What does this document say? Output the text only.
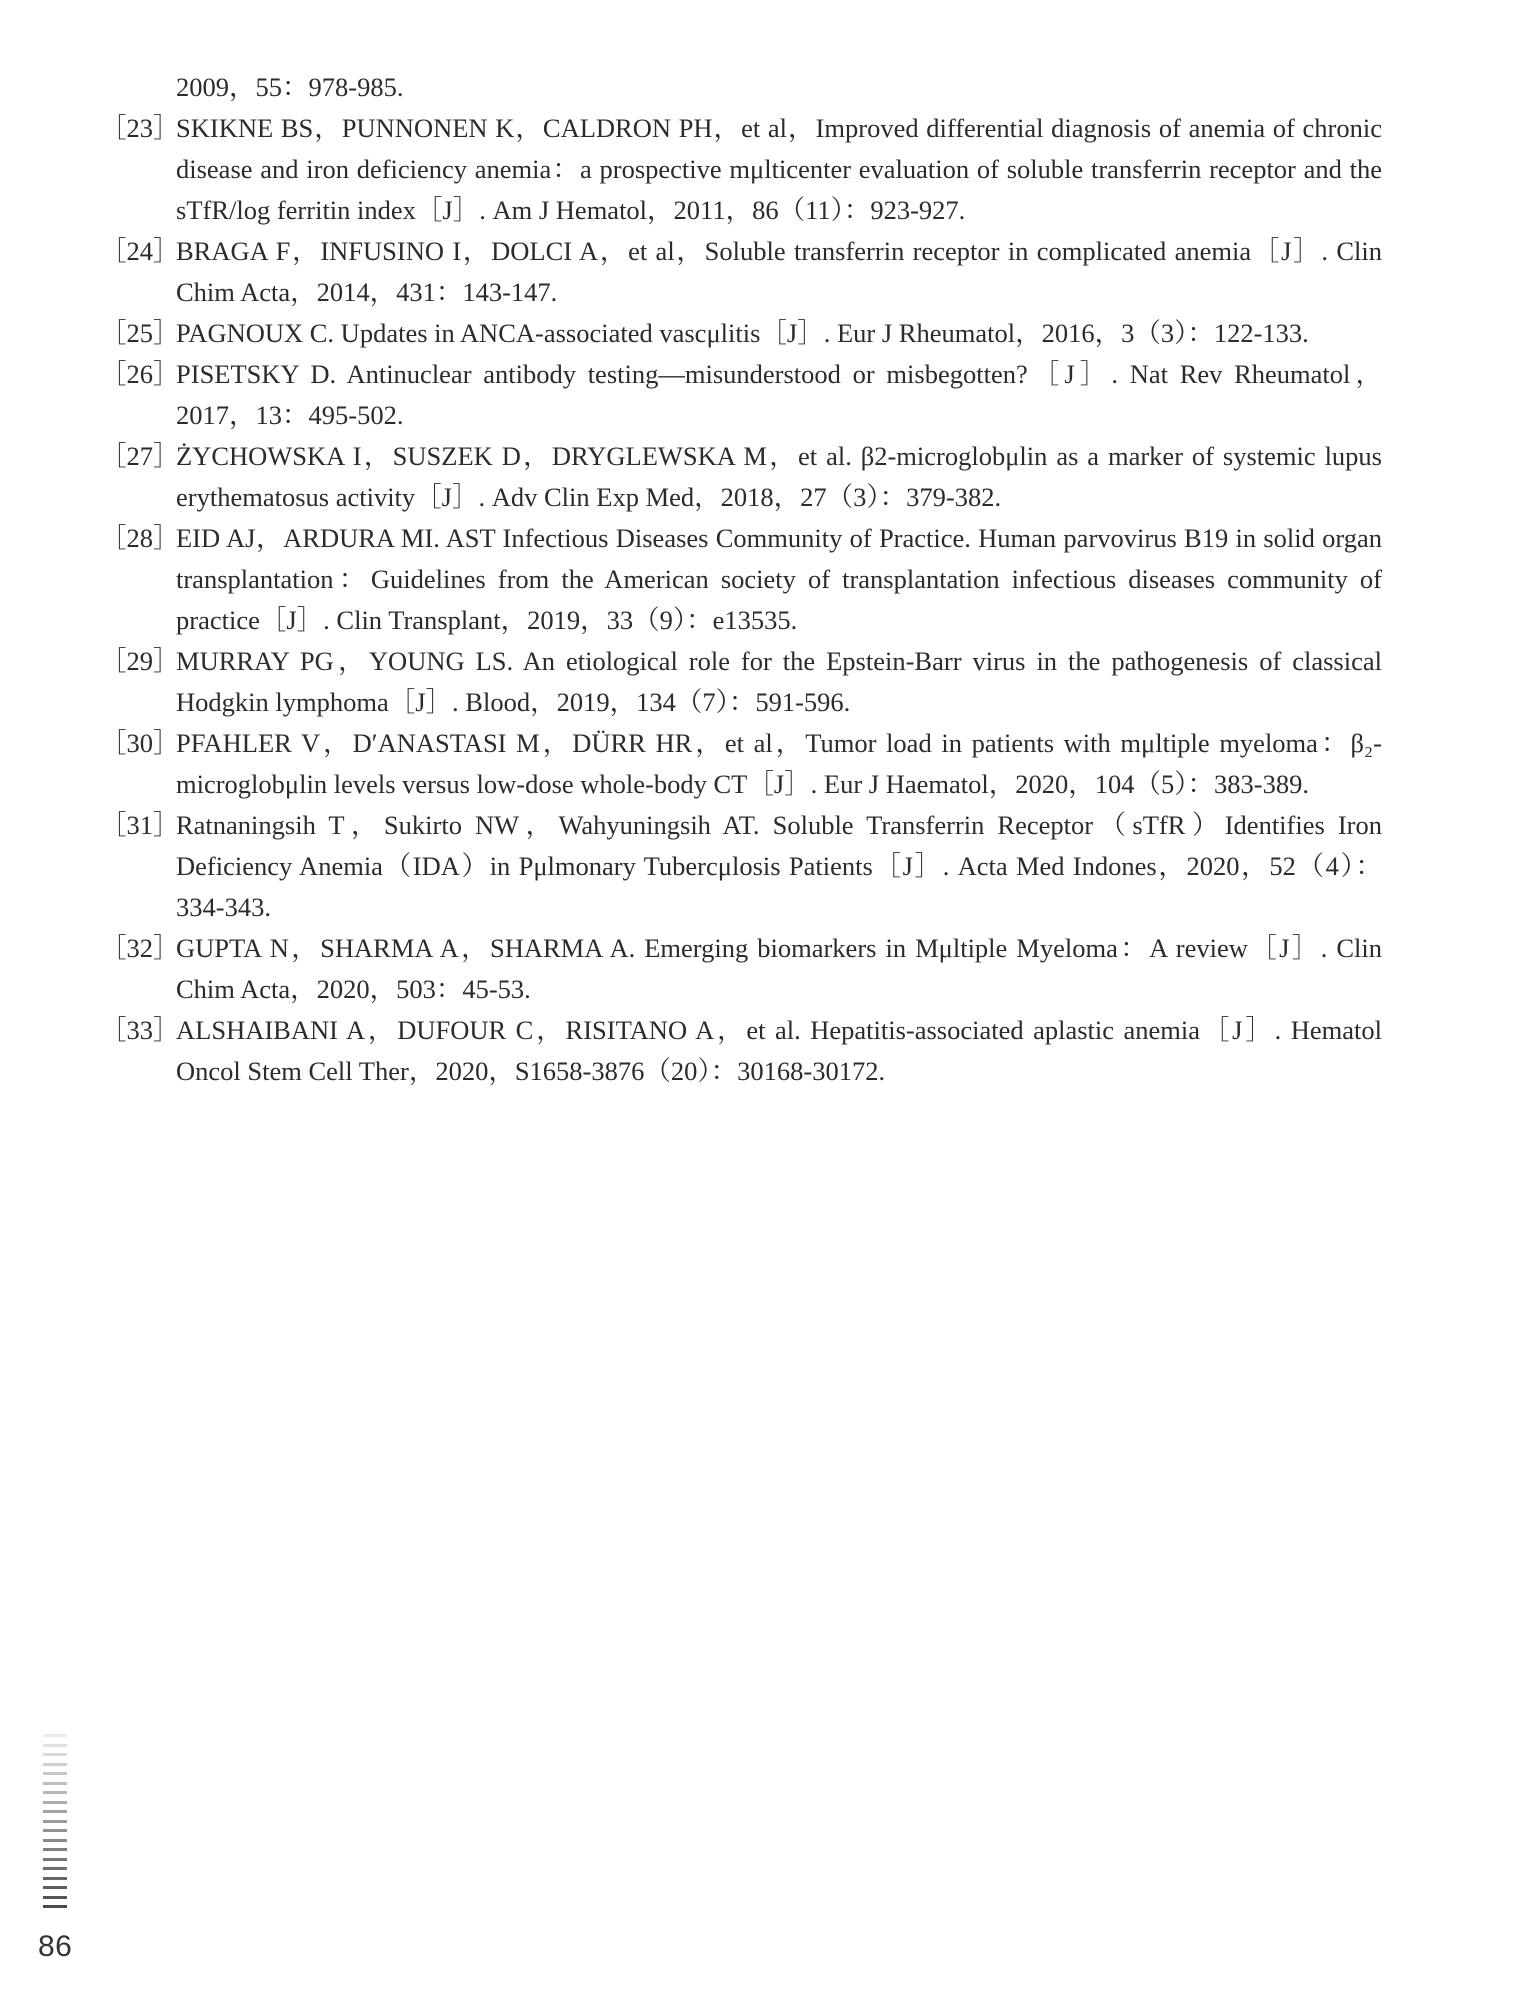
2009，55：978-985.

［23］
SKIKNE BS，PUNNONEN K，CALDRON PH，et al，Improved differential diagnosis of anemia of chronic disease and iron deficiency anemia：a prospective mμlticenter evaluation of soluble transferrin receptor and the sTfR/log ferritin index［J］. Am J Hematol，2011，86（11）：923-927.
［24］
BRAGA F，INFUSINO I，DOLCI A，et al，Soluble transferrin receptor in complicated anemia［J］. Clin Chim Acta，2014，431：143-147.
［25］
PAGNOUX C. Updates in ANCA-associated vascμlitis［J］. Eur J Rheumatol，2016，3（3）：122-133.
［26］
PISETSKY D. Antinuclear antibody testing—misunderstood or misbegotten?［J］. Nat Rev Rheumatol，2017，13：495-502.
［27］
ŻYCHOWSKA I，SUSZEK D，DRYGLEWSKA M，et al. β2-microglobμlin as a marker of systemic lupus erythematosus activity［J］. Adv Clin Exp Med，2018，27（3）：379-382.
［28］
EID AJ，ARDURA MI. AST Infectious Diseases Community of Practice. Human parvovirus B19 in solid organ transplantation：Guidelines from the American society of transplantation infectious diseases community of practice［J］. Clin Transplant，2019，33（9）：e13535.
［29］
MURRAY PG，YOUNG LS. An etiological role for the Epstein-Barr virus in the pathogenesis of classical Hodgkin lymphoma［J］. Blood，2019，134（7）：591-596.
［30］
PFAHLER V，D′ANASTASI M，DÜRR HR，et al，Tumor load in patients with mμltiple myeloma：β₂-microglobμlin levels versus low-dose whole-body CT［J］. Eur J Haematol，2020，104（5）：383-389.
［31］
Ratnaningsih T，Sukirto NW，Wahyuningsih AT. Soluble Transferrin Receptor（sTfR）Identifies Iron Deficiency Anemia（IDA）in Pμlmonary Tubercμlosis Patients［J］. Acta Med Indones，2020，52（4）：334-343.
［32］
GUPTA N，SHARMA A，SHARMA A. Emerging biomarkers in Mμltiple Myeloma：A review［J］. Clin Chim Acta，2020，503：45-53.
［33］
ALSHAIBANI A，DUFOUR C，RISITANO A，et al. Hepatitis-associated aplastic anemia［J］. Hematol Oncol Stem Cell Ther，2020，S1658-3876（20）：30168-30172.
86
